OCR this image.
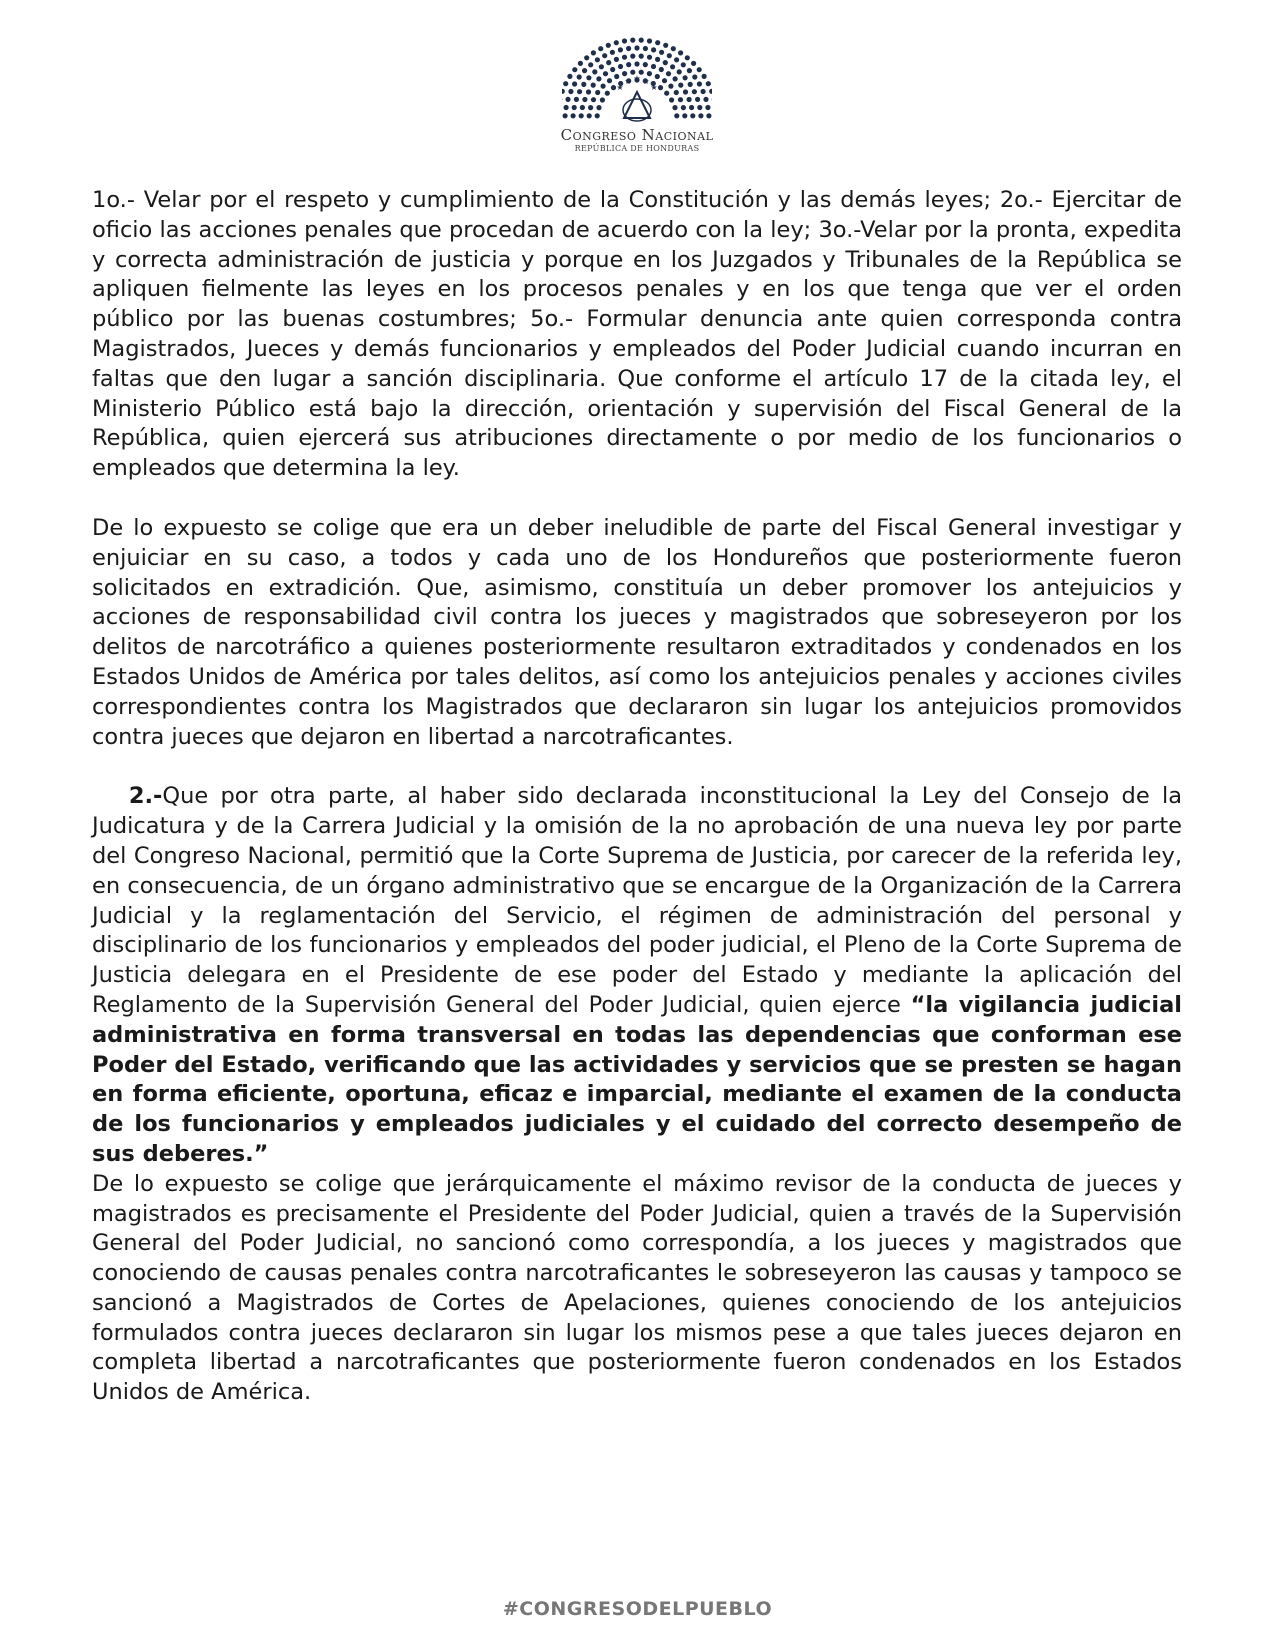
★
★ ★ ★
★
Congreso Nacional
REPÚBLICA DE HONDURAS

1o.- Velar por el respeto y cumplimiento de la Constitución y las demás leyes; 2o.- Ejercitar de oficio las acciones penales que procedan de acuerdo con la ley; 3o.-Velar por la pronta, expedita y correcta administración de justicia y porque en los Juzgados y Tribunales de la República se apliquen fielmente las leyes en los procesos penales y en los que tenga que ver el orden público por las buenas costumbres; 5o.- Formular denuncia ante quien corresponda contra Magistrados, Jueces y demás funcionarios y empleados del Poder Judicial cuando incurran en faltas que den lugar a sanción disciplinaria. Que conforme el artículo 17 de la citada ley, el Ministerio Público está bajo la dirección, orientación y supervisión del Fiscal General de la República, quien ejercerá sus atribuciones directamente o por medio de los funcionarios o empleados que determina la ley.

De lo expuesto se colige que era un deber ineludible de parte del Fiscal General investigar y enjuiciar en su caso, a todos y cada uno de los Hondureños que posteriormente fueron solicitados en extradición. Que, asimismo, constituía un deber promover los antejuicios y acciones de responsabilidad civil contra los jueces y magistrados que sobreseyeron por los delitos de narcotráfico a quienes posteriormente resultaron extraditados y condenados en los Estados Unidos de América por tales delitos, así como los antejuicios penales y acciones civiles correspondientes contra los Magistrados que declararon sin lugar los antejuicios promovidos contra jueces que dejaron en libertad a narcotraficantes.

2.-Que por otra parte, al haber sido declarada inconstitucional la Ley del Consejo de la Judicatura y de la Carrera Judicial y la omisión de la no aprobación de una nueva ley por parte del Congreso Nacional, permitió que la Corte Suprema de Justicia, por carecer de la referida ley, en consecuencia, de un órgano administrativo que se encargue de la Organización de la Carrera Judicial y la reglamentación del Servicio, el régimen de administración del personal y disciplinario de los funcionarios y empleados del poder judicial, el Pleno de la Corte Suprema de Justicia delegara en el Presidente de ese poder del Estado y mediante la aplicación del Reglamento de la Supervisión General del Poder Judicial, quien ejerce “la vigilancia judicial administrativa en forma transversal en todas las dependencias que conforman ese Poder del Estado, verificando que las actividades y servicios que se presten se hagan en forma eficiente, oportuna, eficaz e imparcial, mediante el examen de la conducta de los funcionarios y empleados judiciales y el cuidado del correcto desempeño de sus deberes.”

De lo expuesto se colige que jerárquicamente el máximo revisor de la conducta de jueces y magistrados es precisamente el Presidente del Poder Judicial, quien a través de la Supervisión General del Poder Judicial, no sancionó como correspondía, a los jueces y magistrados que conociendo de causas penales contra narcotraficantes le sobreseyeron las causas y tampoco se sancionó a Magistrados de Cortes de Apelaciones, quienes conociendo de los antejuicios formulados contra jueces declararon sin lugar los mismos pese a que tales jueces dejaron en completa libertad a narcotraficantes que posteriormente fueron condenados en los Estados Unidos de América.

#CONGRESODELPUEBLO
